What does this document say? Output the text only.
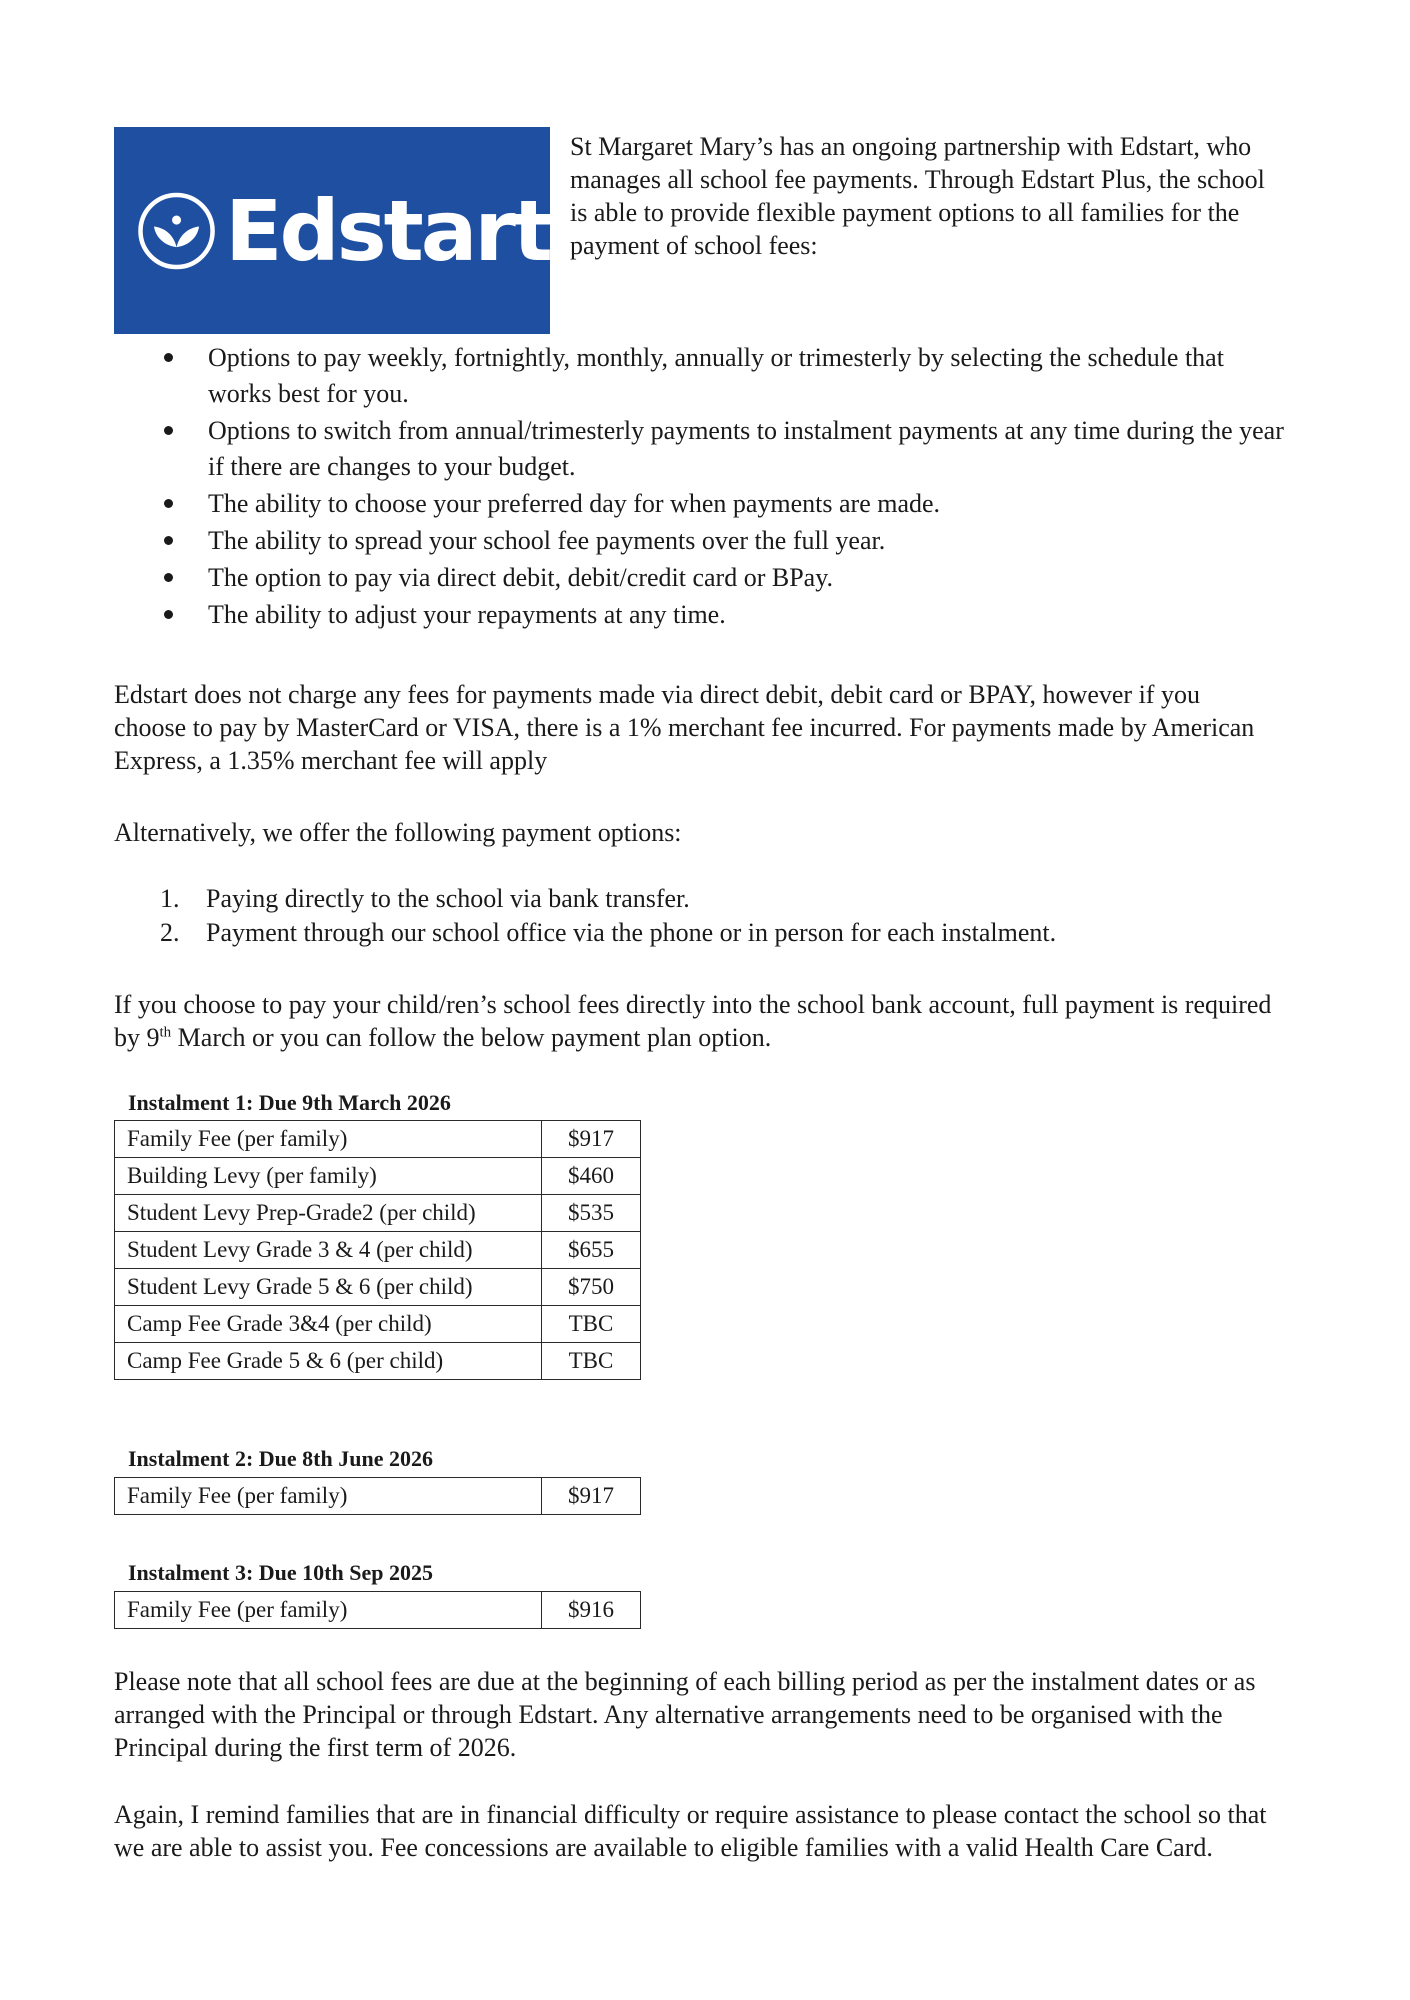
Edstart
St Margaret Mary’s has an ongoing partnership with Edstart, who manages all school fee payments. Through Edstart Plus, the school is able to provide flexible payment options to all families for the payment of school fees:
Options to pay weekly, fortnightly, monthly, annually or trimesterly by selecting the schedule that works best for you.
Options to switch from annual/trimesterly payments to instalment payments at any time during the year if there are changes to your budget.
The ability to choose your preferred day for when payments are made.
The ability to spread your school fee payments over the full year.
The option to pay via direct debit, debit/credit card or BPay.
The ability to adjust your repayments at any time.
Edstart does not charge any fees for payments made via direct debit, debit card or BPAY, however if you choose to pay by MasterCard or VISA, there is a 1% merchant fee incurred. For payments made by American Express, a 1.35% merchant fee will apply
Alternatively, we offer the following payment options:
1. Paying directly to the school via bank transfer.
2. Payment through our school office via the phone or in person for each instalment.
If you choose to pay your child/ren’s school fees directly into the school bank account, full payment is required by 9th March or you can follow the below payment plan option.
Instalment 1: Due 9th March 2026
Family Fee (per family)	$917
Building Levy (per family)	$460
Student Levy Prep-Grade2 (per child)	$535
Student Levy Grade 3 & 4 (per child)	$655
Student Levy Grade 5 & 6 (per child)	$750
Camp Fee Grade 3&4 (per child)	TBC
Camp Fee Grade 5 & 6 (per child)	TBC
Instalment 2: Due 8th June 2026
Family Fee (per family)	$917
Instalment 3: Due 10th Sep 2025
Family Fee (per family)	$916
Please note that all school fees are due at the beginning of each billing period as per the instalment dates or as arranged with the Principal or through Edstart. Any alternative arrangements need to be organised with the Principal during the first term of 2026.
Again, I remind families that are in financial difficulty or require assistance to please contact the school so that we are able to assist you. Fee concessions are available to eligible families with a valid Health Care Card.
